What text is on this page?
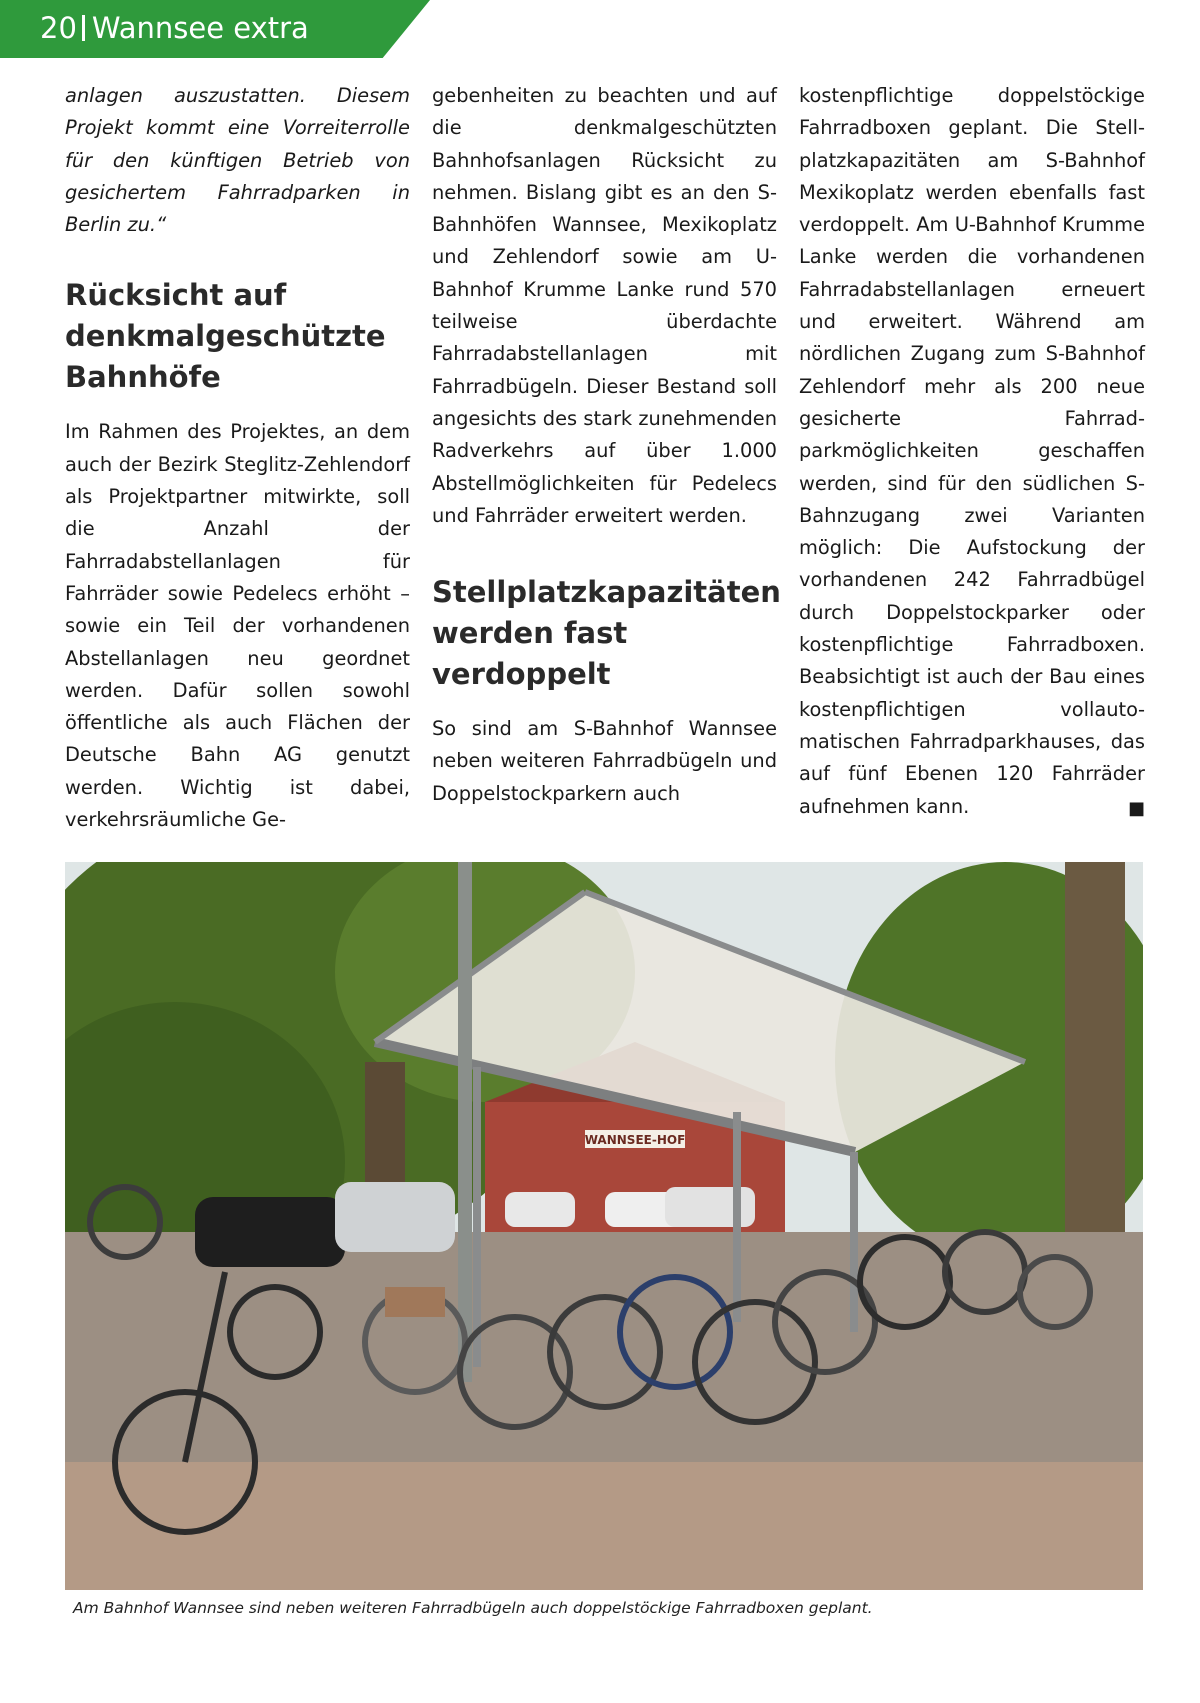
20 Wannsee extra

anlagen auszustatten. Diesem Projekt kommt eine Vorreiterrolle für den künftigen Betrieb von gesichertem Fahrradparken in Berlin zu.“

Rücksicht auf denkmalgeschützte Bahnhöfe

Im Rahmen des Projektes, an dem auch der Bezirk Steglitz-Zehlendorf als Projektpartner mitwirkte, soll die Anzahl der Fahrradabstellanlagen für Fahrräder sowie Pedelecs erhöht – sowie ein Teil der vorhandenen Abstellanlagen neu geordnet werden. Dafür sollen sowohl öffentliche als auch Flächen der Deutsche Bahn AG genutzt werden. Wichtig ist dabei, verkehrsräumliche Ge-

gebenheiten zu beachten und auf die denkmalgeschützten Bahnhofsanlagen Rücksicht zu nehmen. Bislang gibt es an den S-Bahnhöfen Wannsee, Mexikoplatz und Zehlendorf sowie am U-Bahnhof Krumme Lanke rund 570 teilweise überdachte Fahrradabstellanlagen mit Fahrradbügeln. Dieser Bestand soll angesichts des stark zunehmenden Radverkehrs auf über 1.000 Abstellmöglichkeiten für Pedelecs und Fahrräder erweitert werden.

Stellplatzkapazitäten werden fast verdoppelt

So sind am S-Bahnhof Wannsee neben weiteren Fahrradbügeln und Doppelstockparkern auch

kostenpflichtige doppelstöckige Fahrradboxen geplant. Die Stellplatzkapazitäten am S-Bahnhof Mexikoplatz werden ebenfalls fast verdoppelt. Am U-Bahnhof Krumme Lanke werden die vorhandenen Fahrradabstellanlagen erneuert und erweitert. Während am nördlichen Zugang zum S-Bahnhof Zehlendorf mehr als 200 neue gesicherte Fahrradparkmöglichkeiten geschaffen werden, sind für den südlichen S-Bahnzugang zwei Varianten möglich: Die Aufstockung der vorhandenen 242 Fahrradbügel durch Doppelstockparker oder kostenpflichtige Fahrradboxen. Beabsichtigt ist auch der Bau eines kostenpflichtigen vollautomatischen Fahrradparkhauses, das auf fünf Ebenen 120 Fahrräder aufnehmen kann.	■

WANNSEE-HOF
Am Bahnhof Wannsee sind neben weiteren Fahrradbügeln auch doppelstöckige Fahrradboxen geplant.
